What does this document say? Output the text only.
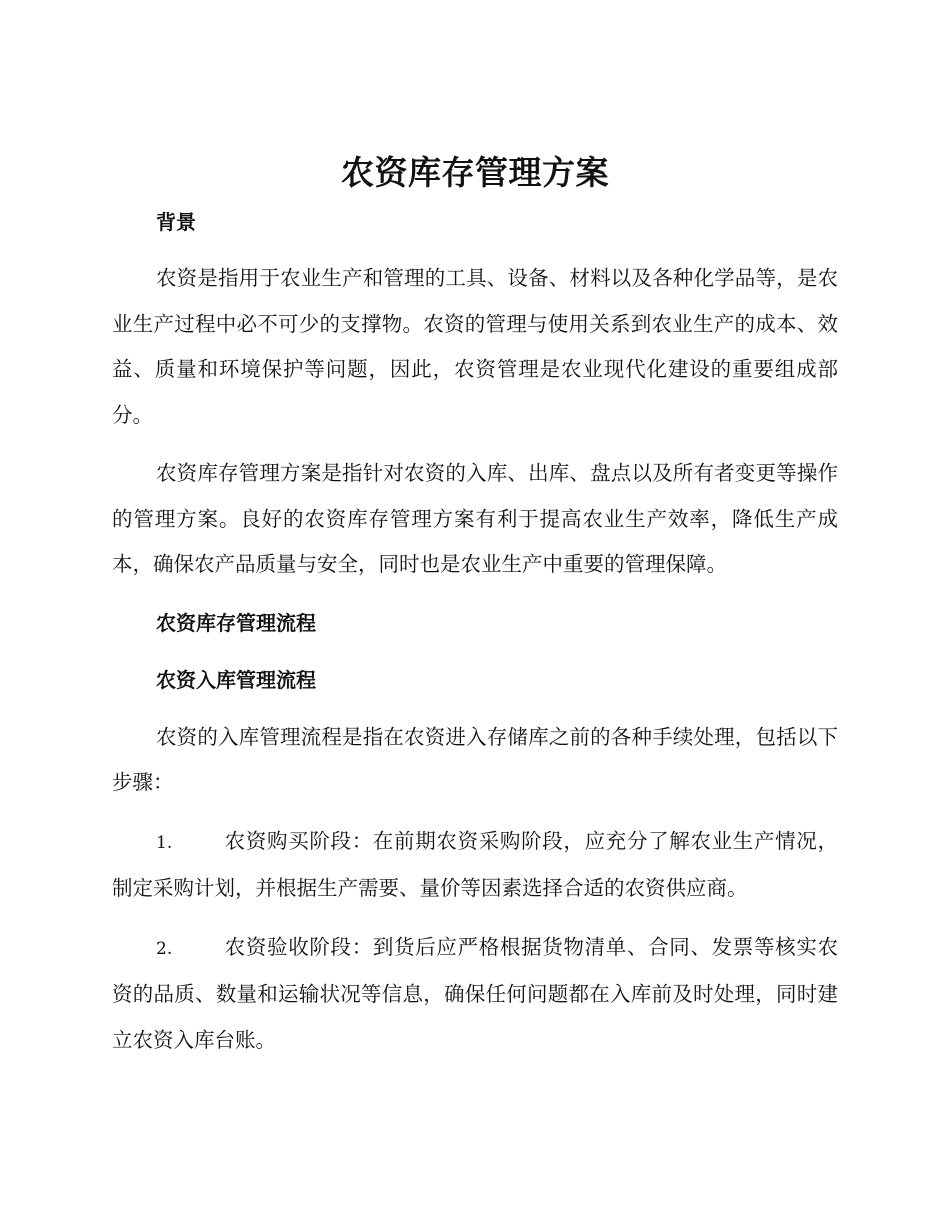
农资库存管理方案

背景

农资是指用于农业生产和管理的工具、设备、材料以及各种化学品等，是农业生产过程中必不可少的支撑物。农资的管理与使用关系到农业生产的成本、效益、质量和环境保护等问题，因此，农资管理是农业现代化建设的重要组成部分。

农资库存管理方案是指针对农资的入库、出库、盘点以及所有者变更等操作的管理方案。良好的农资库存管理方案有利于提高农业生产效率，降低生产成本，确保农产品质量与安全，同时也是农业生产中重要的管理保障。

农资库存管理流程

农资入库管理流程

农资的入库管理流程是指在农资进入存储库之前的各种手续处理，包括以下步骤：

1.	农资购买阶段：在前期农资采购阶段，应充分了解农业生产情况，制定采购计划，并根据生产需要、量价等因素选择合适的农资供应商。

2.	农资验收阶段：到货后应严格根据货物清单、合同、发票等核实农资的品质、数量和运输状况等信息，确保任何问题都在入库前及时处理，同时建立农资入库台账。
